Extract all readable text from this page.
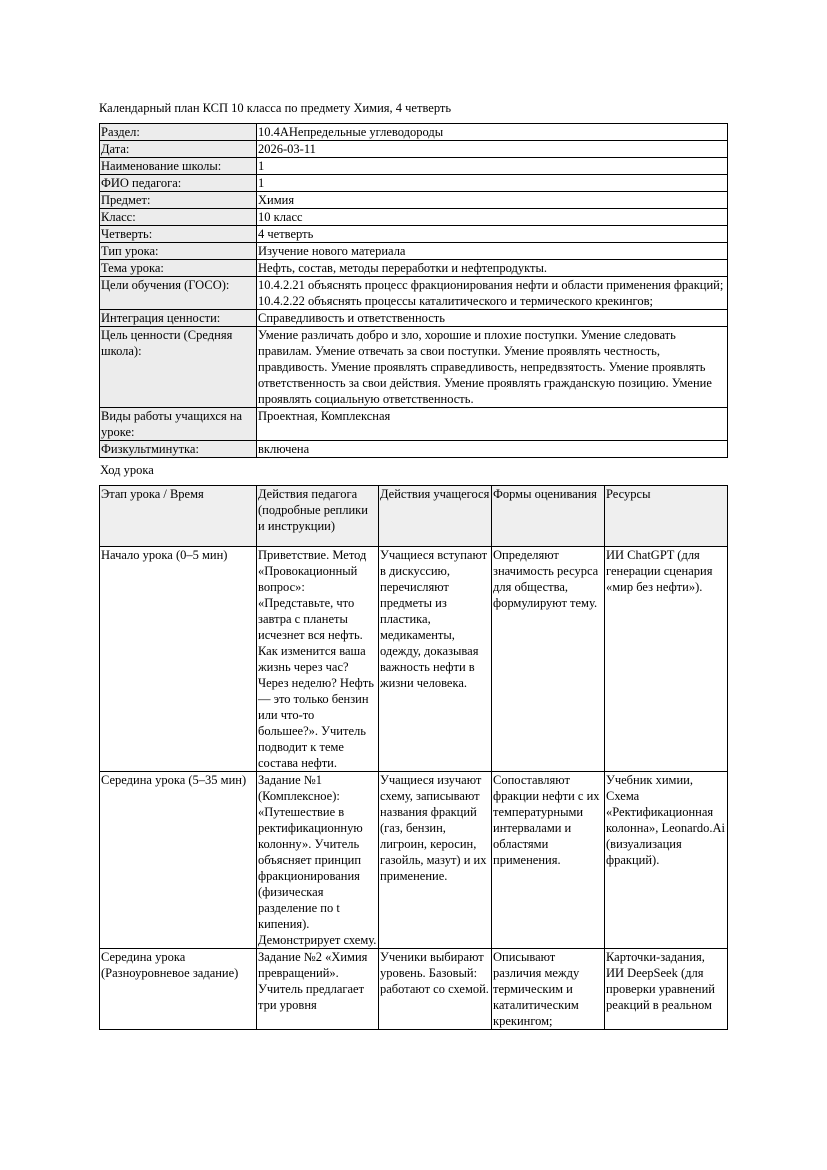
Календарный план КСП 10 класса по предмету Химия, 4 четверть
Раздел:	10.4АНепредельные углеводороды
Дата:	2026-03-11
Наименование школы:	1
ФИО педагога:	1
Предмет:	Химия
Класс:	10 класс
Четверть:	4 четверть
Тип урока:	Изучение нового материала
Тема урока:	Нефть, состав, методы переработки и нефтепродукты.
Цели обучения (ГОСО):	10.4.2.21 объяснять процесс фракционирования нефти и области применения фракций; 10.4.2.22 объяснять процессы каталитического и термического крекингов;
Интеграция ценности:	Справедливость и ответственность
Цель ценности (Средняя школа):	Умение различать добро и зло, хорошие и плохие поступки. Умение следовать правилам. Умение отвечать за свои поступки. Умение проявлять честность, правдивость. Умение проявлять справедливость, непредвзятость. Умение проявлять ответственность за свои действия. Умение проявлять гражданскую позицию. Умение проявлять социальную ответственность.
Виды работы учащихся на уроке:	Проектная, Комплексная
Физкультминутка:	включена
Ход урока
Этап урока / Время	Действия педагога (подробные реплики и инструкции)	Действия учащегося	Формы оценивания	Ресурсы
Начало урока (0–5 мин)	Приветствие. Метод «Провокационный вопрос»: «Представьте, что завтра с планеты исчезнет вся нефть. Как изменится ваша жизнь через час? Через неделю? Нефть — это только бензин или что-то большее?». Учитель подводит к теме состава нефти.	Учащиеся вступают в дискуссию, перечисляют предметы из пластика, медикаменты, одежду, доказывая важность нефти в жизни человека.	Определяют значимость ресурса для общества, формулируют тему.	ИИ ChatGPT (для генерации сценария «мир без нефти»).
Середина урока (5–35 мин)	Задание №1 (Комплексное): «Путешествие в ректификационную колонну». Учитель объясняет принцип фракционирования (физическая разделение по t кипения). Демонстрирует схему.	Учащиеся изучают схему, записывают названия фракций (газ, бензин, лигроин, керосин, газойль, мазут) и их применение.	Сопоставляют фракции нефти с их температурными интервалами и областями применения.	Учебник химии, Схема «Ректификационная колонна», Leonardo.Ai (визуализация фракций).

Середина урока (Разноуровневое задание)	Задание №2 «Химия превращений». Учитель предлагает три уровня	Ученики выбирают уровень. Базовый: работают со схемой.	Описывают различия между термическим и каталитическим крекингом;	Карточки-задания, ИИ DeepSeek (для проверки уравнений реакций в реальном
